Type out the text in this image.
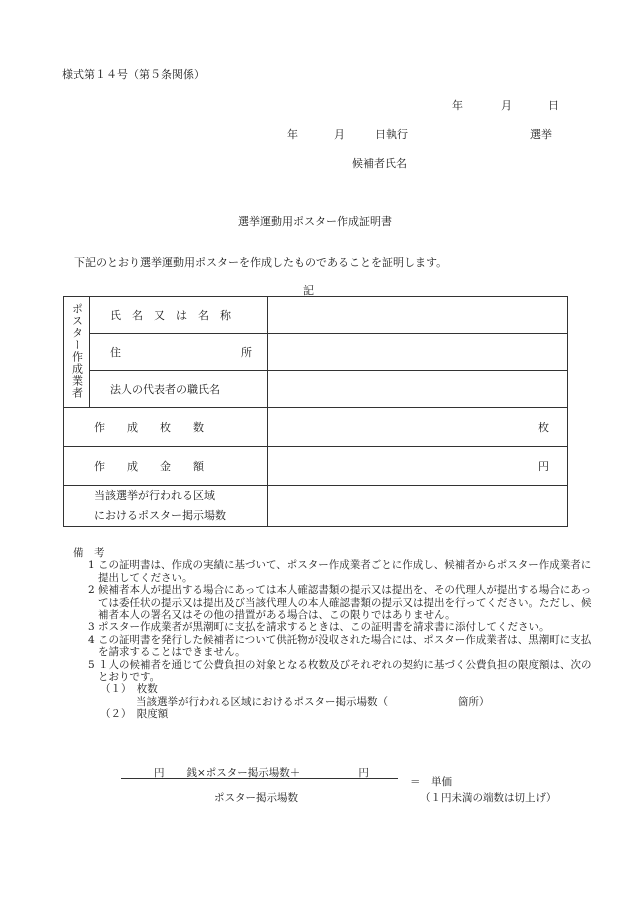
様式第１４号（第５条関係）
年	月	日
年	月	日執行	選挙
候補者氏名
選挙運動用ポスター作成証明書
下記のとおり選挙運動用ポスターを作成したものであることを証明します。
記
ポスター作成業者	氏　名　又　は　名　称	
	住 所	
	法人の代表者の職氏名	
作　　成　　枚　　数		枚
作　　成　　金　　額		円

当該選挙が行われる区域
におけるポスター掲示場数		

備　考
1 この証明書は、作成の実績に基づいて、ポスター作成業者ごとに作成し、候補者からポスター作成業者に提出してください。
2 候補者本人が提出する場合にあっては本人確認書類の提示又は提出を、その代理人が提出する場合にあっては委任状の提示又は提出及び当該代理人の本人確認書類の提示又は提出を行ってください。ただし、候補者本人の署名又はその他の措置がある場合は、この限りではありません。
3 ポスター作成業者が黒潮町に支払を請求するときは、この証明書を請求書に添付してください。
4 この証明書を発行した候補者について供託物が没収された場合には、ポスター作成業者は、黒潮町に支払を請求することはできません。
5 １人の候補者を通じて公費負担の対象となる枚数及びそれぞれの契約に基づく公費負担の限度額は、次のとおりです。
（１）　枚数
当該選挙が行われる区域におけるポスター掲示場数（	箇所）
（２）　限度額
円 銭×ポスター掲示場数＋	円
＝　単価
ポスター掲示場数	（１円未満の端数は切上げ）
